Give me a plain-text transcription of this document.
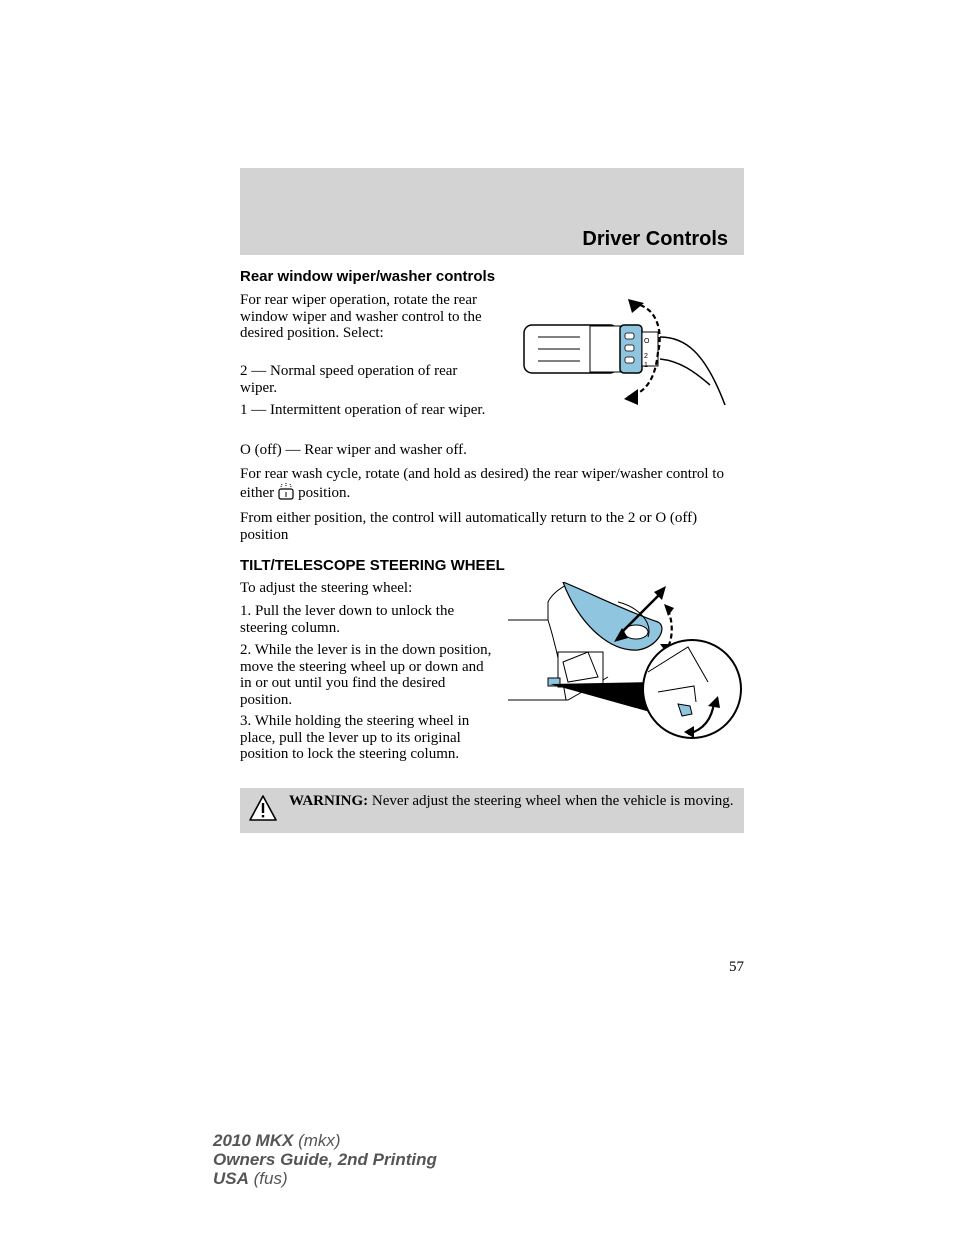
Driver Controls
Rear window wiper/washer controls

For rear wiper operation, rotate the rear window wiper and washer control to the desired position. Select:

2 — Normal speed operation of rear wiper.

1 — Intermittent operation of rear wiper.

O (off) — Rear wiper and washer off.

For rear wash cycle, rotate (and hold as desired) the rear wiper/washer control to either position.

From either position, the control will automatically return to the 2 or O (off) position

2
1
O
TILT/TELESCOPE STEERING WHEEL

To adjust the steering wheel:

1. Pull the lever down to unlock the steering column.

2. While the lever is in the down position, move the steering wheel up or down and in or out until you find the desired position.

3. While holding the steering wheel in place, pull the lever up to its original position to lock the steering column.

WARNING: Never adjust the steering wheel when the vehicle is moving.
57
2010 MKX (mkx)
Owners Guide, 2nd Printing
USA (fus)
